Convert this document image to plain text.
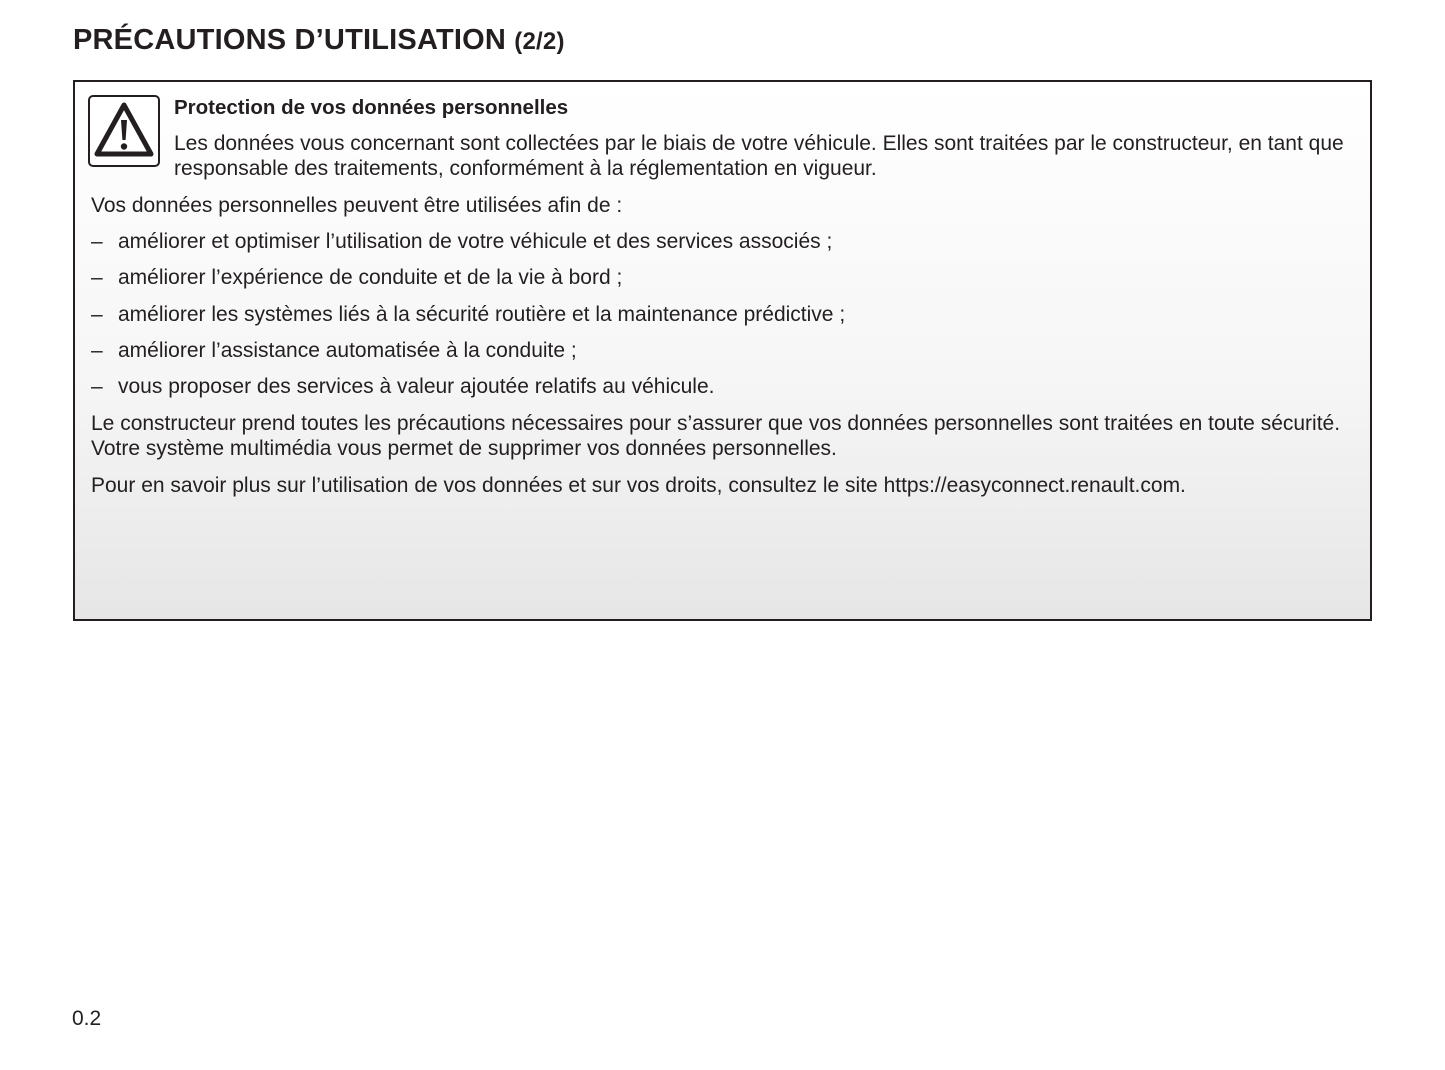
PRÉCAUTIONS D’UTILISATION (2/2)

Protection de vos données personnelles

Les données vous concernant sont collectées par le biais de votre véhicule. Elles sont traitées par le constructeur, en tant que responsable des traitements, conformément à la réglementation en vigueur.

Vos données personnelles peuvent être utilisées afin de :

– améliorer et optimiser l’utilisation de votre véhicule et des services associés ;
– améliorer l’expérience de conduite et de la vie à bord ;
– améliorer les systèmes liés à la sécurité routière et la maintenance prédictive ;
– améliorer l’assistance automatisée à la conduite ;
– vous proposer des services à valeur ajoutée relatifs au véhicule.

Le constructeur prend toutes les précautions nécessaires pour s’assurer que vos données personnelles sont traitées en toute sécurité. Votre système multimédia vous permet de supprimer vos données personnelles.

Pour en savoir plus sur l’utilisation de vos données et sur vos droits, consultez le site https://easyconnect.renault.com.

0.2
